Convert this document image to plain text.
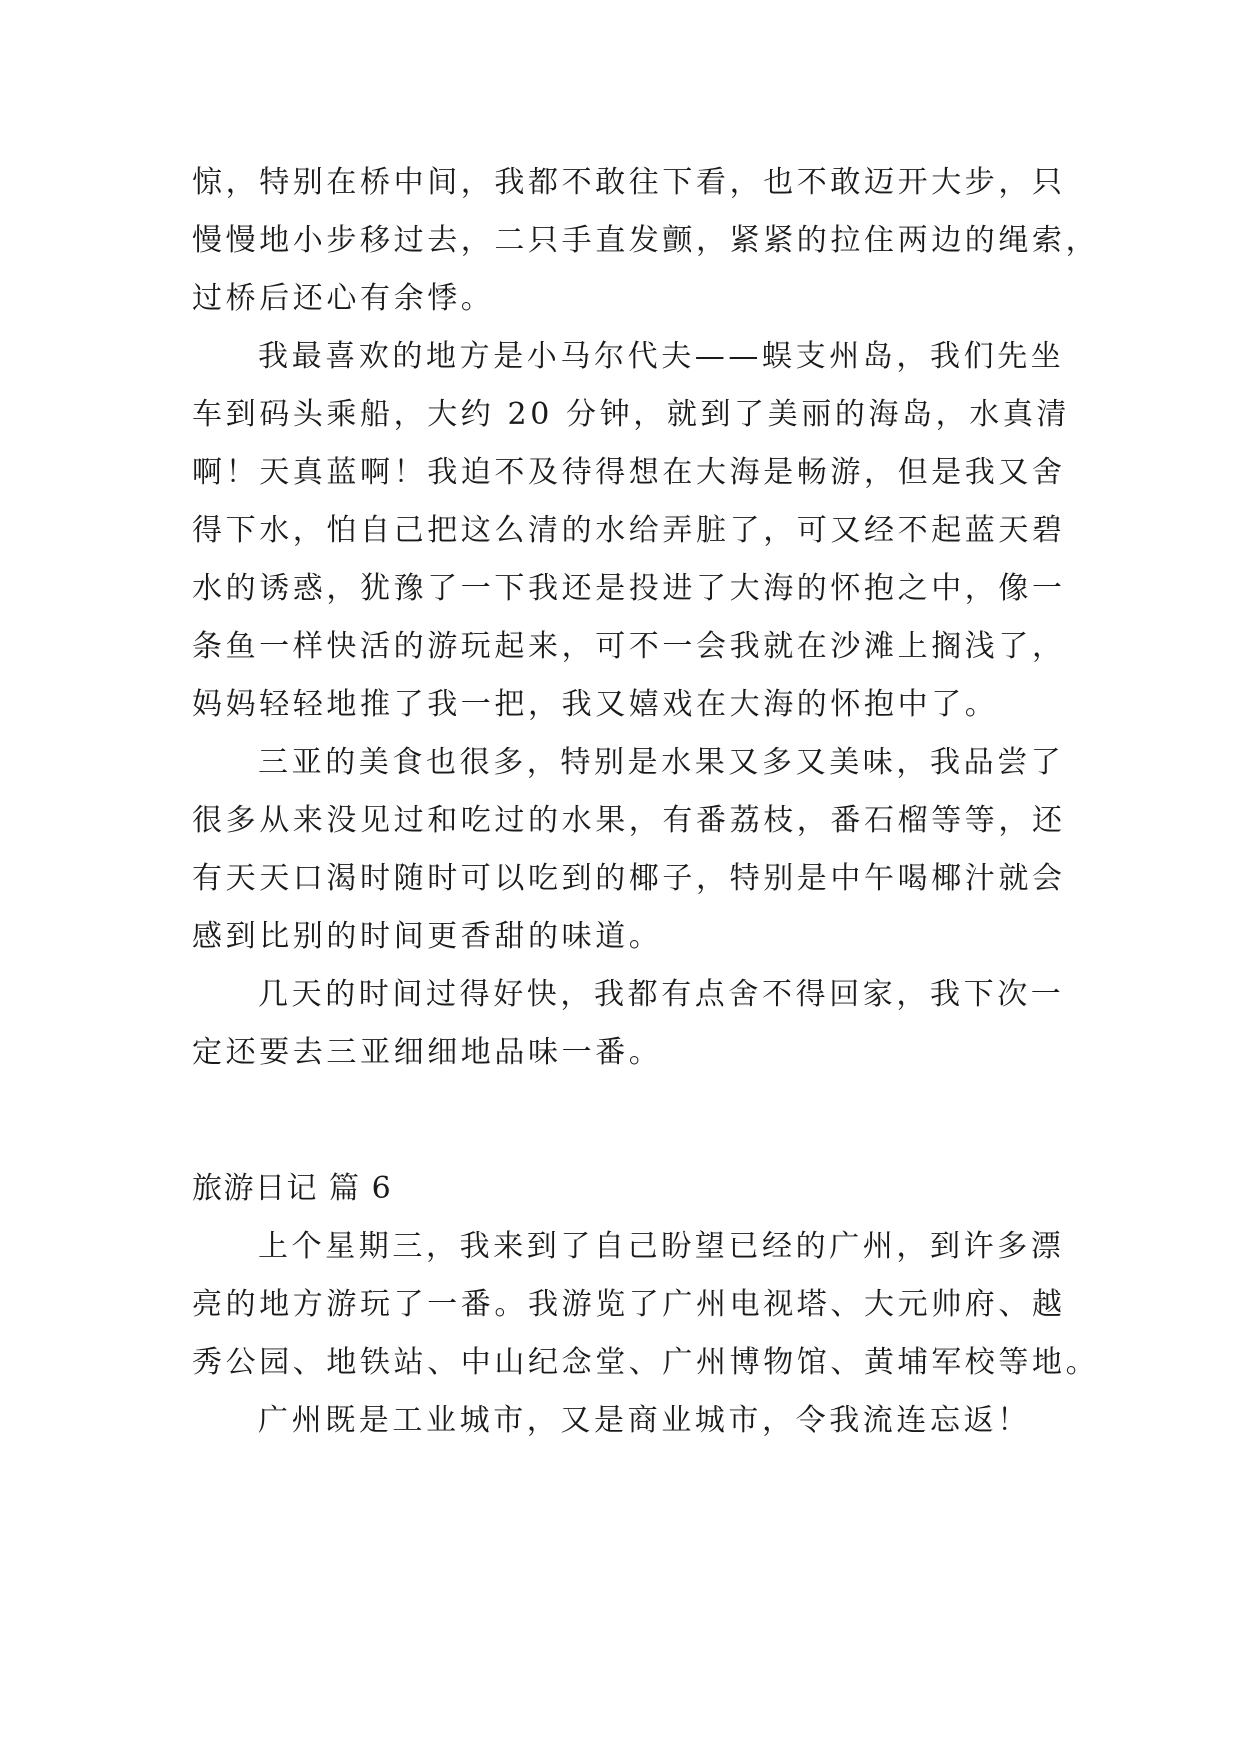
惊，特别在桥中间，我都不敢往下看，也不敢迈开大步，只
慢慢地小步移过去，二只手直发颤，紧紧的拉住两边的绳索，
过桥后还心有余悸。
我最喜欢的地方是小马尔代夫——蜈支州岛，我们先坐
车到码头乘船，大约 20 分钟，就到了美丽的海岛，水真清
啊！天真蓝啊！我迫不及待得想在大海是畅游，但是我又舍
得下水，怕自己把这么清的水给弄脏了，可又经不起蓝天碧
水的诱惑，犹豫了一下我还是投进了大海的怀抱之中，像一
条鱼一样快活的游玩起来，可不一会我就在沙滩上搁浅了，
妈妈轻轻地推了我一把，我又嬉戏在大海的怀抱中了。
三亚的美食也很多，特别是水果又多又美味，我品尝了
很多从来没见过和吃过的水果，有番荔枝，番石榴等等，还
有天天口渴时随时可以吃到的椰子，特别是中午喝椰汁就会
感到比别的时间更香甜的味道。
几天的时间过得好快，我都有点舍不得回家，我下次一
定还要去三亚细细地品味一番。
旅游日记 篇 6
上个星期三，我来到了自己盼望已经的广州，到许多漂
亮的地方游玩了一番。我游览了广州电视塔、大元帅府、越
秀公园、地铁站、中山纪念堂、广州博物馆、黄埔军校等地。
广州既是工业城市，又是商业城市，令我流连忘返！
